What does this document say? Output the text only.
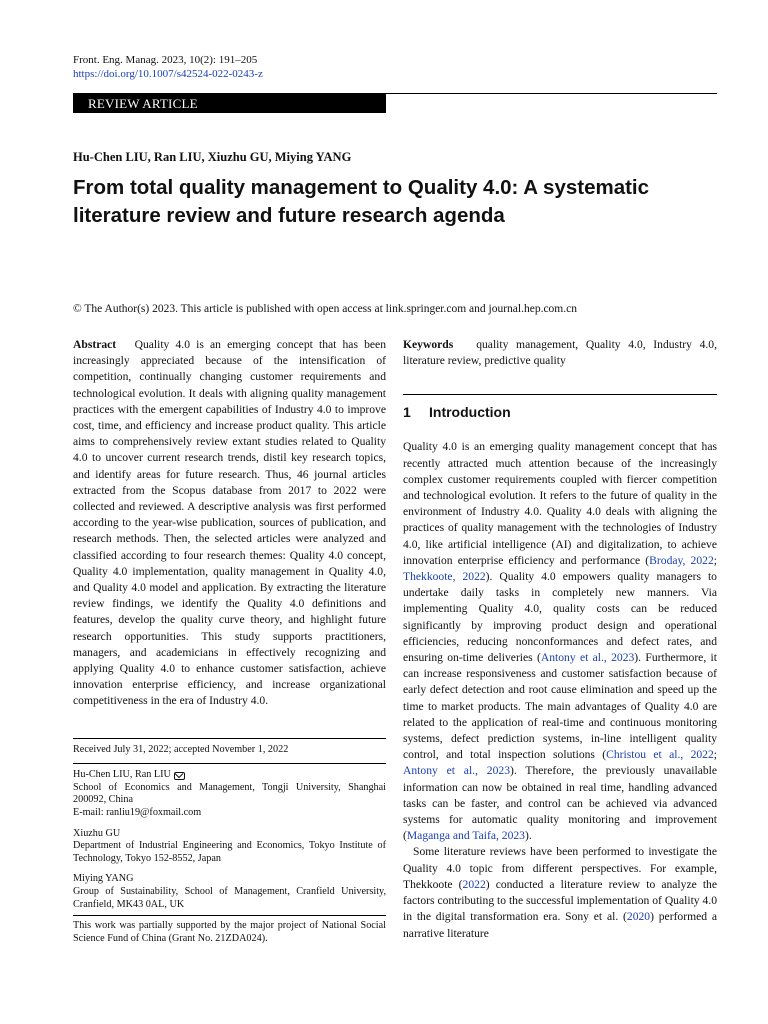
Front. Eng. Manag. 2023, 10(2): 191–205
https://doi.org/10.1007/s42524-022-0243-z
REVIEW ARTICLE
Hu-Chen LIU, Ran LIU, Xiuzhu GU, Miying YANG
From total quality management to Quality 4.0: A systematic literature review and future research agenda
© The Author(s) 2023. This article is published with open access at link.springer.com and journal.hep.com.cn

Abstract Quality 4.0 is an emerging concept that has been increasingly appreciated because of the intensification of competition, continually changing customer requirements and technological evolution. It deals with aligning quality management practices with the emergent capabilities of Industry 4.0 to improve cost, time, and efficiency and increase product quality. This article aims to comprehensively review extant studies related to Quality 4.0 to uncover current research trends, distil key research topics, and identify areas for future research. Thus, 46 journal articles extracted from the Scopus database from 2017 to 2022 were collected and reviewed. A descriptive analysis was first performed according to the year-wise publication, sources of publication, and research methods. Then, the selected articles were analyzed and classified according to four research themes: Quality 4.0 concept, Quality 4.0 implementation, quality management in Quality 4.0, and Quality 4.0 model and application. By extracting the literature review findings, we identify the Quality 4.0 definitions and features, develop the quality curve theory, and highlight future research opportunities. This study supports practitioners, managers, and academicians in effectively recognizing and applying Quality 4.0 to enhance customer satisfaction, achieve innovation enterprise efficiency, and increase organizational competitiveness in the era of Industry 4.0.

Received July 31, 2022; accepted November 1, 2022

Hu-Chen LIU, Ran LIU

School of Economics and Management, Tongji University, Shanghai 200092, China

E-mail: ranliu19@foxmail.com

Xiuzhu GU

Department of Industrial Engineering and Economics, Tokyo Institute of Technology, Tokyo 152-8552, Japan

Miying YANG

Group of Sustainability, School of Management, Cranfield University, Cranfield, MK43 0AL, UK

This work was partially supported by the major project of National Social Science Fund of China (Grant No. 21ZDA024).

Keywords quality management, Quality 4.0, Industry 4.0, literature review, predictive quality

1 Introduction

Quality 4.0 is an emerging quality management concept that has recently attracted much attention because of the increasingly complex customer requirements coupled with fiercer competition and technological evolution. It refers to the future of quality in the environment of Industry 4.0. Quality 4.0 deals with aligning the practices of quality management with the technologies of Industry 4.0, like artificial intelligence (AI) and digitalization, to achieve innovation enterprise efficiency and performance (Broday, 2022; Thekkoote, 2022). Quality 4.0 empowers quality managers to undertake daily tasks in completely new manners. Via implementing Quality 4.0, quality costs can be reduced significantly by improving product design and operational efficiencies, reducing nonconformances and defect rates, and ensuring on-time deliveries (Antony et al., 2023). Furthermore, it can increase responsiveness and customer satisfaction because of early defect detection and root cause elimination and speed up the time to market products. The main advantages of Quality 4.0 are related to the application of real-time and continuous monitoring systems, defect prediction systems, in-line intelligent quality control, and total inspection solutions (Christou et al., 2022; Antony et al., 2023). Therefore, the previously unavailable information can now be obtained in real time, handling advanced tasks can be faster, and control can be achieved via advanced systems for automatic quality monitoring and improvement (Maganga and Taifa, 2023).

Some literature reviews have been performed to investigate the Quality 4.0 topic from different perspectives. For example, Thekkoote (2022) conducted a literature review to analyze the factors contributing to the successful implementation of Quality 4.0 in the digital transformation era. Sony et al. (2020) performed a narrative literature
